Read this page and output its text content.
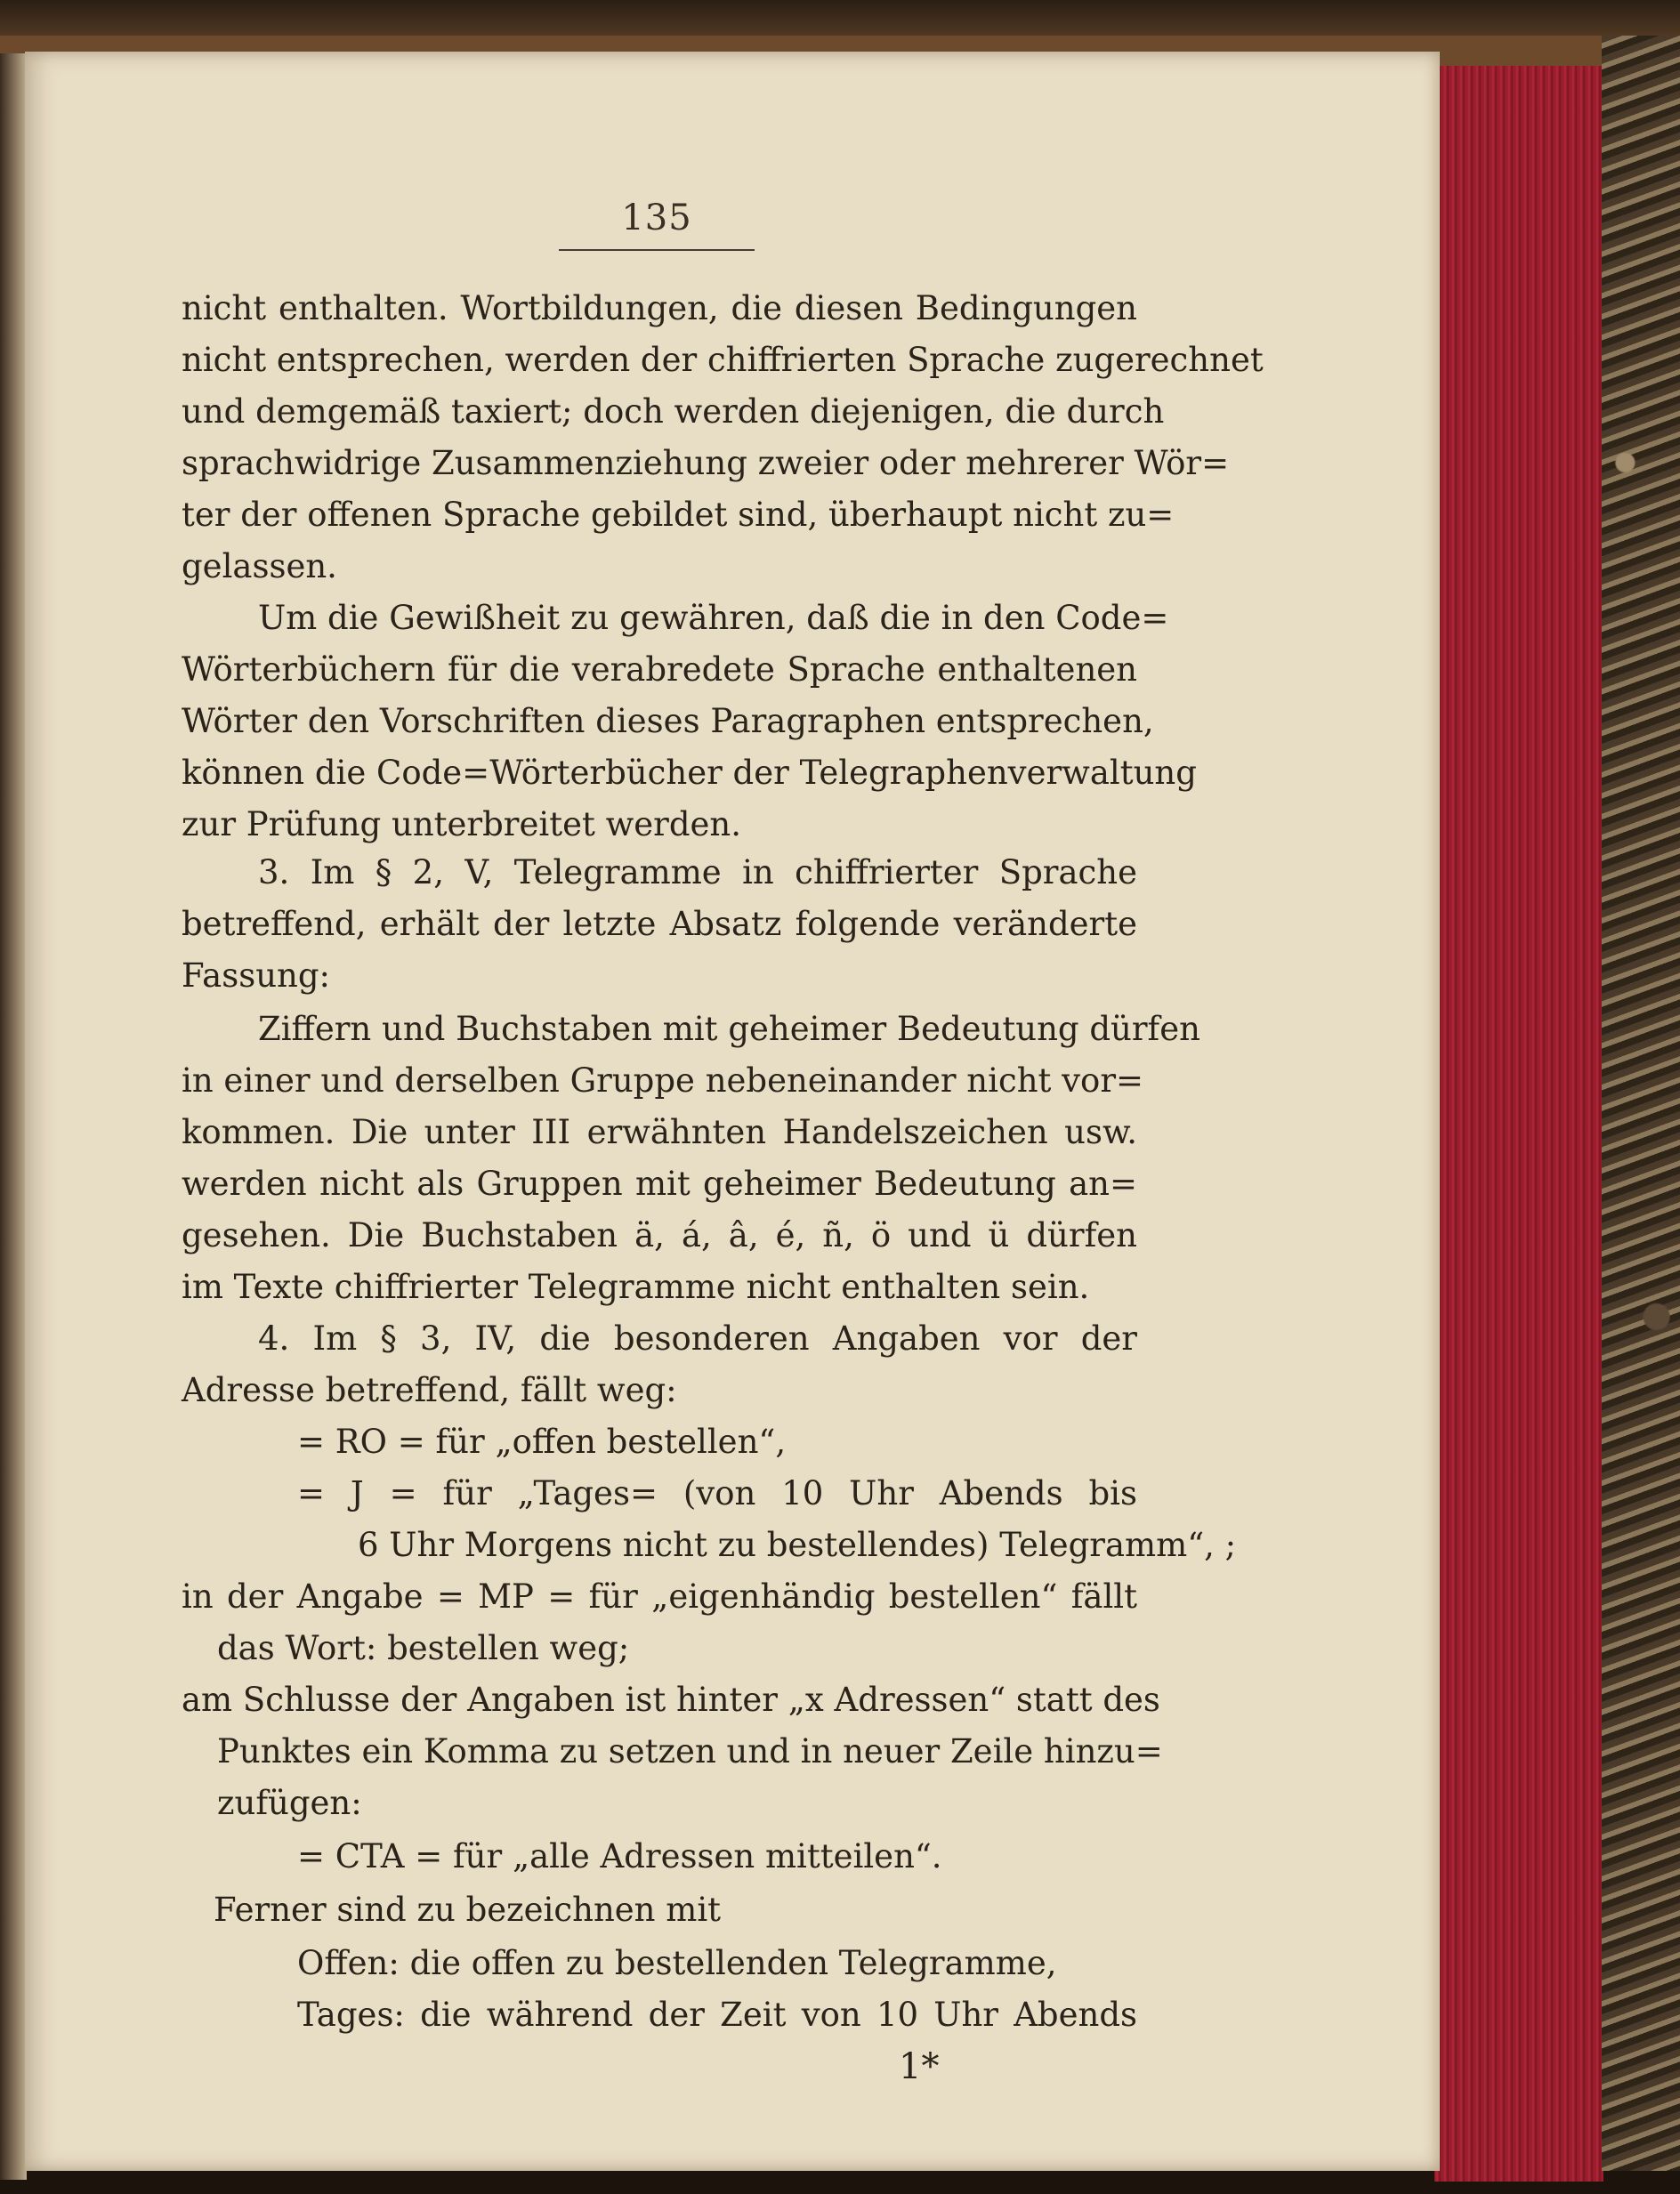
135
nicht enthalten. Wortbildungen, die diesen Bedingungen
nicht entsprechen, werden der chiffrierten Sprache zugerechnet
und demgemäß taxiert; doch werden diejenigen, die durch
sprachwidrige Zusammenziehung zweier oder mehrerer Wör=
ter der offenen Sprache gebildet sind, überhaupt nicht zu=
gelassen.
Um die Gewißheit zu gewähren, daß die in den Code=
Wörterbüchern für die verabredete Sprache enthaltenen
Wörter den Vorschriften dieses Paragraphen entsprechen,
können die Code=Wörterbücher der Telegraphenverwaltung
zur Prüfung unterbreitet werden.
3. Im § 2, V, Telegramme in chiffrierter Sprache
betreffend, erhält der letzte Absatz folgende veränderte
Fassung:
Ziffern und Buchstaben mit geheimer Bedeutung dürfen
in einer und derselben Gruppe nebeneinander nicht vor=
kommen. Die unter III erwähnten Handelszeichen usw.
werden nicht als Gruppen mit geheimer Bedeutung an=
gesehen. Die Buchstaben ä, á, â, é, ñ, ö und ü dürfen
im Texte chiffrierter Telegramme nicht enthalten sein.
4. Im § 3, IV, die besonderen Angaben vor der
Adresse betreffend, fällt weg:
= RO = für „offen bestellen“,
= J = für „Tages= (von 10 Uhr Abends bis
6 Uhr Morgens nicht zu bestellendes) Telegramm“, ;
in der Angabe = MP = für „eigenhändig bestellen“ fällt
das Wort: bestellen weg;
am Schlusse der Angaben ist hinter „x Adressen“ statt des
Punktes ein Komma zu setzen und in neuer Zeile hinzu=
zufügen:
= CTA = für „alle Adressen mitteilen“.
Ferner sind zu bezeichnen mit
Offen: die offen zu bestellenden Telegramme,
Tages: die während der Zeit von 10 Uhr Abends
1*
